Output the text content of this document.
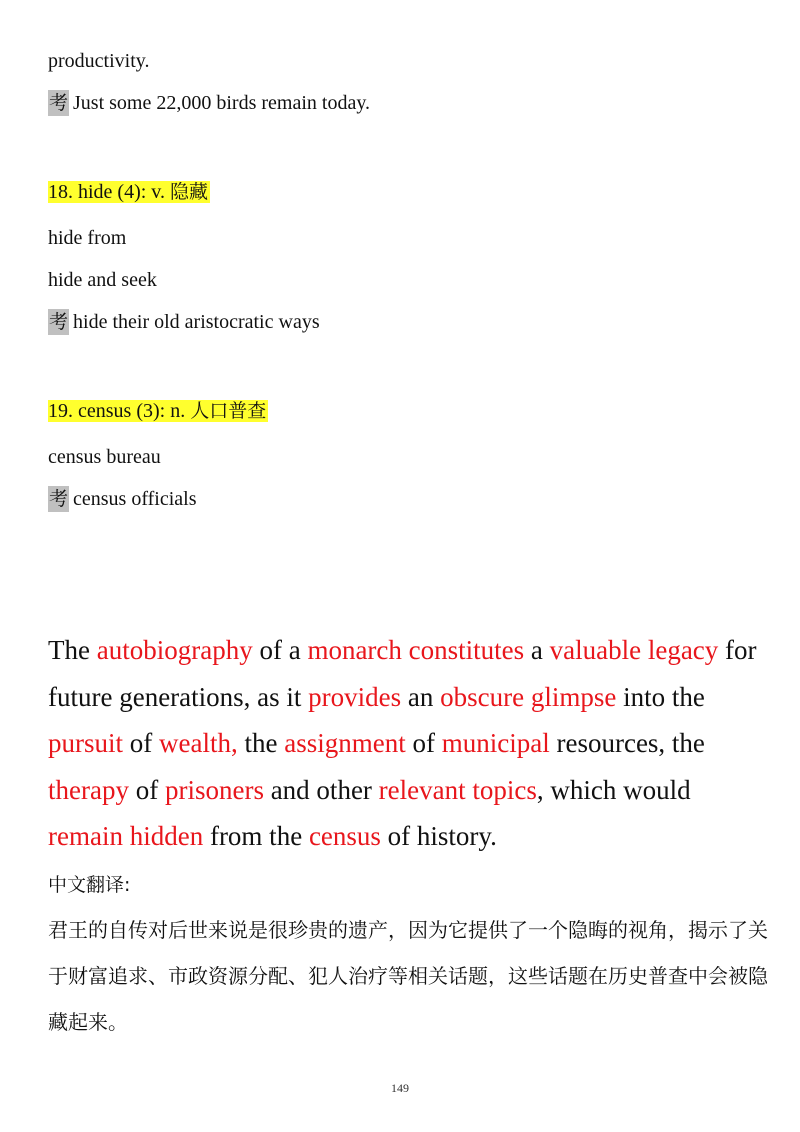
productivity.
考 Just some 22,000 birds remain today.
18. hide (4): v. 隐藏
hide from
hide and seek
考 hide their old aristocratic ways
19. census (3): n. 人口普查
census bureau
考 census officials
The autobiography of a monarch constitutes a valuable legacy for future generations, as it provides an obscure glimpse into the pursuit of wealth, the assignment of municipal resources, the therapy of prisoners and other relevant topics, which would remain hidden from the census of history.
中文翻译:
君王的自传对后世来说是很珍贵的遗产，因为它提供了一个隐晦的视角，揭示了关于财富追求、市政资源分配、犯人治疗等相关话题，这些话题在历史普查中会被隐藏起来。
149
